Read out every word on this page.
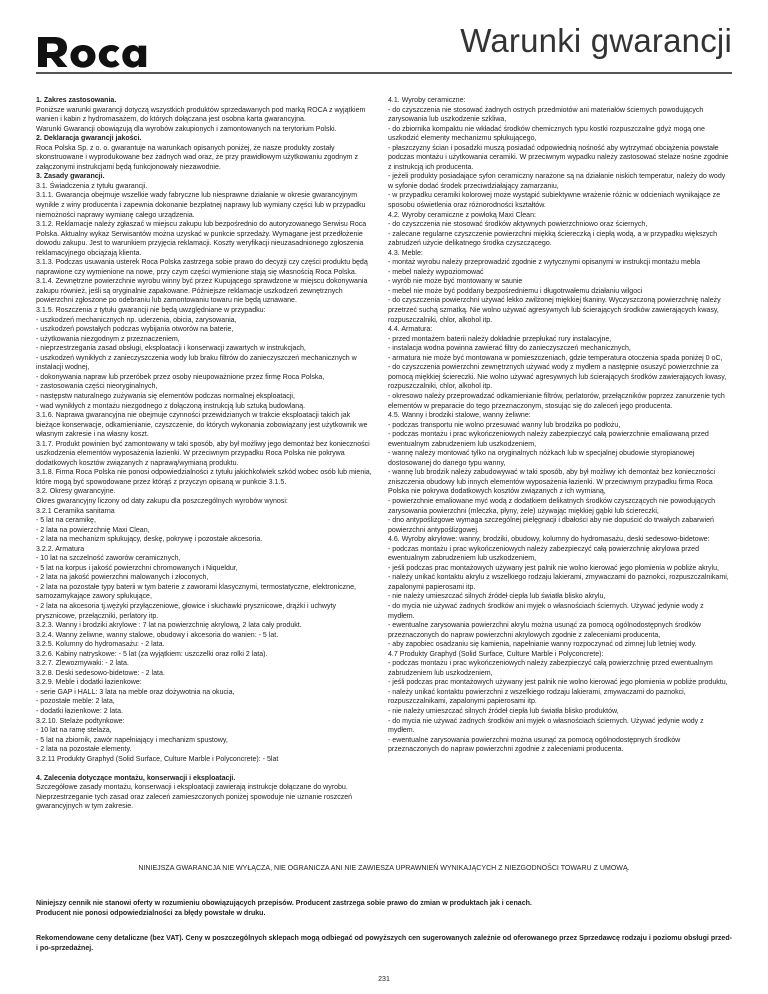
Warunki gwarancji
1. Zakres zastosowania.
Poniższe warunki gwarancji dotyczą wszystkich produktów sprzedawanych pod marką ROCA z wyjątkiem wanien i kabin z hydromasażem, do których dołączana jest osobna karta gwarancyjna.
Warunki Gwarancji obowiązują dla wyrobów zakupionych i zamontowanych na terytorium Polski.
2. Deklaracja gwarancji jakości.
Roca Polska Sp. z o. o. gwarantuje na warunkach opisanych poniżej, że nasze produkty zostały skonstruowane i wyprodukowane bez żadnych wad oraz, że przy prawidłowym użytkowaniu zgodnym z załączonymi instrukcjami będą funkcjonowały niezawodnie.
3. Zasady gwarancji.
3.1. Świadczenia z tytułu gwarancji.
3.1.1. Gwarancja obejmuje wszelkie wady fabryczne lub niesprawne działanie w okresie gwarancyjnym wynikłe z winy producenta i zapewnia dokonanie bezpłatnej naprawy lub wymiany części lub w przypadku niemożności naprawy wymianę całego urządzenia.
3.1.2. Reklamacje należy zgłaszać w miejscu zakupu lub bezpośrednio do autoryzowanego Serwisu Roca Polska. Aktualny wykaz Serwisantów można uzyskać w punkcie sprzedaży. Wymagane jest przedłożenie dowodu zakupu. Jest to warunkiem przyjęcia reklamacji. Koszty weryfikacji nieuzasadnionego zgłoszenia reklamacyjnego obciążają klienta.
3.1.3. Podczas usuwania usterek Roca Polska zastrzega sobie prawo do decyzji czy części produktu będą naprawione czy wymienione na nowe, przy czym części wymienione stają się własnością Roca Polska.
3.1.4. Zewnętrzne powierzchnie wyrobu winny być przez Kupującego sprawdzone w miejscu dokonywania zakupu również, jeśli są oryginalnie zapakowane. Późniejsze reklamacje uszkodzeń zewnętrznych powierzchni zgłoszone po odebraniu lub zamontowaniu towaru nie będą uznawane.
3.1.5. Roszczenia z tytułu gwarancji nie będą uwzględniane w przypadku:
- uszkodzeń mechanicznych np. uderzenia, obicia, zarysowania,
- uszkodzeń powstałych podczas wybijania otworów na baterie,
- użytkowania niezgodnym z przeznaczeniem,
- nieprzestrzegania zasad obsługi, eksploatacji i konserwacji zawartych w instrukcjach,
- uszkodzeń wynikłych z zanieczyszczenia wody lub braku filtrów do zanieczyszczeń mechanicznych w instalacji wodnej,
- dokonywania napraw lub przeróbek przez osoby nieupoważnione przez firmę Roca Polska,
- zastosowania części nieoryginalnych,
- następstw naturalnego zużywania się elementów podczas normalnej eksploatacji,
- wad wynikłych z montażu niezgodnego z dołączoną instrukcją lub sztuką budowlaną.
3.1.6. Naprawa gwarancyjna nie obejmuje czynności przewidzianych w trakcie eksploatacji takich jak bieżące konserwacje, odkamienianie, czyszczenie, do których wykonania zobowiązany jest użytkownik we własnym zakresie i na własny koszt.
3.1.7. Produkt powinien być zamontowany w taki sposób, aby był możliwy jego demontaż bez konieczności uszkodzenia elementów wyposażenia łazienki. W przeciwnym przypadku Roca Polska nie pokrywa dodatkowych kosztów związanych z naprawą/wymianą produktu.
3.1.8. Firma Roca Polska nie ponosi odpowiedzialności z tytułu jakichkolwiek szkód wobec osób lub mienia, które mogą być spowodowane przez którąś z przyczyn opisaną w punkcie 3.1.5.
3.2. Okresy gwarancyjne.
Okres gwarancyjny liczony od daty zakupu dla poszczególnych wyrobów wynosi:
3.2.1 Ceramika sanitarna
- 5 lat na ceramikę,
- 2 lata na powierzchnię Maxi Clean,
- 2 lata na mechanizm spłukujący, deskę, pokrywę i pozostałe akcesoria.
3.2.2. Armatura
- 10 lat na szczelność zaworów ceramicznych,
- 5 lat na korpus i jakość powierzchni chromowanych i Niqueldur,
- 2 lata na jakość powierzchni malowanych i złoconych,
- 2 lata na pozostałe typy baterii w tym baterie z zaworami klasycznymi, termostatyczne, elektroniczne, samozamykające zawory spłukujące,
- 2 lata na akcesoria tj.wężyki przyłączeniowe, głowice i słuchawki prysznicowe, drążki i uchwyty prysznicowe, przełączniki, perlatory itp.
3.2.3. Wanny i brodziki akrylowe : 7 lat na powierzchnię akrylową, 2 lata cały produkt.
3.2.4. Wanny żeliwne, wanny stalowe, obudowy i akcesoria do wanien: - 5 lat.
3.2.5. Kolumny do hydromasażu: - 2 lata.
3.2.6. Kabiny natryskowe: - 5 lat (za wyjątkiem: uszczelki oraz rolki 2 lata).
3.2.7. Zlewozmywaki: - 2 lata.
3.2.8. Deski sedesowo-bidetowe: - 2 lata.
3.2.9. Meble i dodatki łazienkowe:
- serie GAP i HALL: 3 lata na meble oraz dożywotnia na okucia,
- pozostałe meble: 2 lata,
- dodatki łazienkowe: 2 lata.
3.2.10. Stelaże podtynkowe:
- 10 lat na ramę stelaża,
- 5 lat na zbiornik, zawór napełniający i mechanizm spustowy,
- 2 lata na pozostałe elementy.
3.2.11 Produkty Graphyd (Solid Surface, Culture Marble i Polyconcrete): - 5lat
4. Zalecenia dotyczące montażu, konserwacji i eksploatacji.
Szczegółowe zasady montażu, konserwacji i eksploatacji zawierają instrukcje dołączane do wyrobu. Nieprzestrzeganie tych zasad oraz zaleceń zamieszczonych poniżej spowoduje nie uznanie roszczeń gwarancyjnych w tym zakresie.
4.1. Wyroby ceramiczne:
- do czyszczenia nie stosować żadnych ostrych przedmiotów ani materiałów ściernych powodujących zarysowania lub uszkodzenie szkliwa,
- do zbiornika kompaktu nie wkładać środków chemicznych typu kostki rozpuszczalne gdyż mogą one uszkodzić elementy mechanizmu spłukującego,
- płaszczyzny ścian i posadzki muszą posiadać odpowiednią nośność aby wytrzymać obciążenia powstałe podczas montażu i użytkowania ceramiki. W przeciwnym wypadku należy zastosować stelaże nośne zgodnie z instrukcją ich producenta.
- jeżeli produkty posiadające syfon ceramiczny narażone są na działanie niskich temperatur, należy do wody w syfonie dodać środek przeciwdziałający zamarzaniu,
- w przypadku ceramiki kolorowej może wystąpić subiektywne wrażenie różnic w odcieniach wynikające ze sposobu oświetlenia oraz różnorodności kształtów.
4.2. Wyroby ceramiczne z powłoką Maxi Clean:
- do czyszczenia nie stosować środków aktywnych powierzchniowo oraz ściernych,
- zalecane regularne czyszczenie powierzchni miękką ściereczką i ciepłą wodą, a w przypadku większych zabrudzeń użycie delikatnego środka czyszczącego.
4.3. Meble:
- montaż wyrobu należy przeprowadzić zgodnie z wytycznymi opisanymi w instrukcji montażu mebla
- mebel należy wypoziomować
- wyrób nie może być montowany w saunie
- mebel nie może być poddany bezpośredniemu i długotrwałemu działaniu wilgoci
- do czyszczenia powierzchni używać lekko zwilżonej miękkiej tkaniny. Wyczyszczoną powierzchnię należy przetrzeć suchą szmatką. Nie wolno używać agresywnych lub ścierających środków zawierających kwasy, rozpuszczalniki, chlor, alkohol itp.
4.4. Armatura:
- przed montażem baterii należy dokładnie przepłukać rury instalacyjne,
- instalacja wodna powinna zawierać filtry do zanieczyszczeń mechanicznych,
- armatura nie może być montowana w pomieszczeniach, gdzie temperatura otoczenia spada poniżej 0 oC,
- do czyszczenia powierzchni zewnętrznych używać wody z mydłem a następnie osuszyć powierzchnie za pomocą miękkiej ściereczki. Nie wolno używać agresywnych lub ścierających środków zawierających kwasy, rozpuszczalniki, chlor, alkohol itp.
- okresowo należy przeprowadzać odkamienianie filtrów, perlatorów, przełączników poprzez zanurzenie tych elementów w preparacie do tego przeznaczonym, stosując się do zaleceń jego producenta.
4.5. Wanny i brodziki stalowe, wanny żeliwne:
- podczas transportu nie wolno przesuwać wanny lub brodzika po podłożu,
- podczas montażu i prac wykończeniowych należy zabezpieczyć całą powierzchnie emaliowaną przed ewentualnym zabrudzeniem lub uszkodzeniem,
- wannę należy montować tylko na oryginalnych nóżkach lub w specjalnej obudowie styropianowej dostosowanej do danego typu wanny,
- wannę lub brodzik należy zabudowywać w taki sposób, aby był możliwy ich demontaż bez konieczności zniszczenia obudowy lub innych elementów wyposażenia łazienki. W przeciwnym przypadku firma Roca Polska nie pokrywa dodatkowych kosztów związanych z ich wymianą,
- powierzchnie emaliowane myć wodą z dodatkiem delikatnych środków czyszczących nie powodujących zarysowania powierzchni (mleczka, płyny, żele) używając miękkiej gąbki lub ściereczki,
- dno antypoślizgowe wymaga szczególnej pielęgnacji i dbałości aby nie dopuścić do trwałych zabarwień powierzchni antypoślizgowej.
4.6. Wyroby akrylowe: wanny, brodziki, obudowy, kolumny do hydromasażu, deski sedesowo-bidetowe:
- podczas montażu i prac wykończeniowych należy zabezpieczyć całą powierzchnię akrylowa przed ewentualnym zabrudzeniem lub uszkodzeniem,
- jeśli podczas prac montażowych używany jest palnik nie wolno kierować jego płomienia w pobliże akrylu,
- należy unikać kontaktu akrylu z wszelkiego rodzaju lakierami, zmywaczami do paznokci, rozpuszczalnikami, zapalonymi papierosami itp.
- nie należy umieszczać silnych źródeł ciepła lub światła blisko akrylu,
- do mycia nie używać żadnych środków ani myjek o własnościach ściernych. Używać jedynie wody z mydłem.
- ewentualne zarysowania powierzchni akrylu można usunąć za pomocą ogólnodostępnych środków przeznaczonych do napraw powierzchni akrylowych zgodnie z zaleceniami producenta,
- aby zapobiec osadzaniu się kamienia, napełnianie wanny rozpoczynać od zimnej lub letniej wody.
4.7 Produkty Graphyd (Solid Surface, Culture Marble i Polyconcrete):
- podczas montażu i prac wykończeniowych należy zabezpieczyć całą powierzchnię przed ewentualnym zabrudzeniem lub uszkodzeniem,
- jeśli podczas prac montażowych używany jest palnik nie wolno kierować jego płomienia w pobliże produktu,
- należy unikać kontaktu powierzchni z wszelkiego rodzaju lakierami, zmywaczami do paznokci, rozpuszczalnikami, zapalonymi papierosami itp.
- nie należy umieszczać silnych źródeł ciepła lub światła blisko produktów,
- do mycia nie używać żadnych środków ani myjek o własnościach ściernych. Używać jedynie wody z mydłem.
- ewentualne zarysowania powierzchni można usunąć za pomocą ogólnodostępnych środków przeznaczonych do napraw powierzchni zgodnie z zaleceniami producenta.
NINIEJSZA GWARANCJA NIE WYŁĄCZA, NIE OGRANICZA ANI NIE ZAWIESZA UPRAWNIEŃ WYNIKAJĄCYCH Z NIEZGODNOŚCI TOWARU Z UMOWĄ.
Niniejszy cennik nie stanowi oferty w rozumieniu obowiązujących przepisów. Producent zastrzega sobie prawo do zmian w produktach jak i cenach.
Producent nie ponosi odpowiedzialności za błędy powstałe w druku.
Rekomendowane ceny detaliczne (bez VAT). Ceny w poszczególnych sklepach mogą odbiegać od powyższych cen sugerowanych zależnie od oferowanego przez Sprzedawcę rodzaju i poziomu obsługi przed- i po-sprzedażnej.
231
